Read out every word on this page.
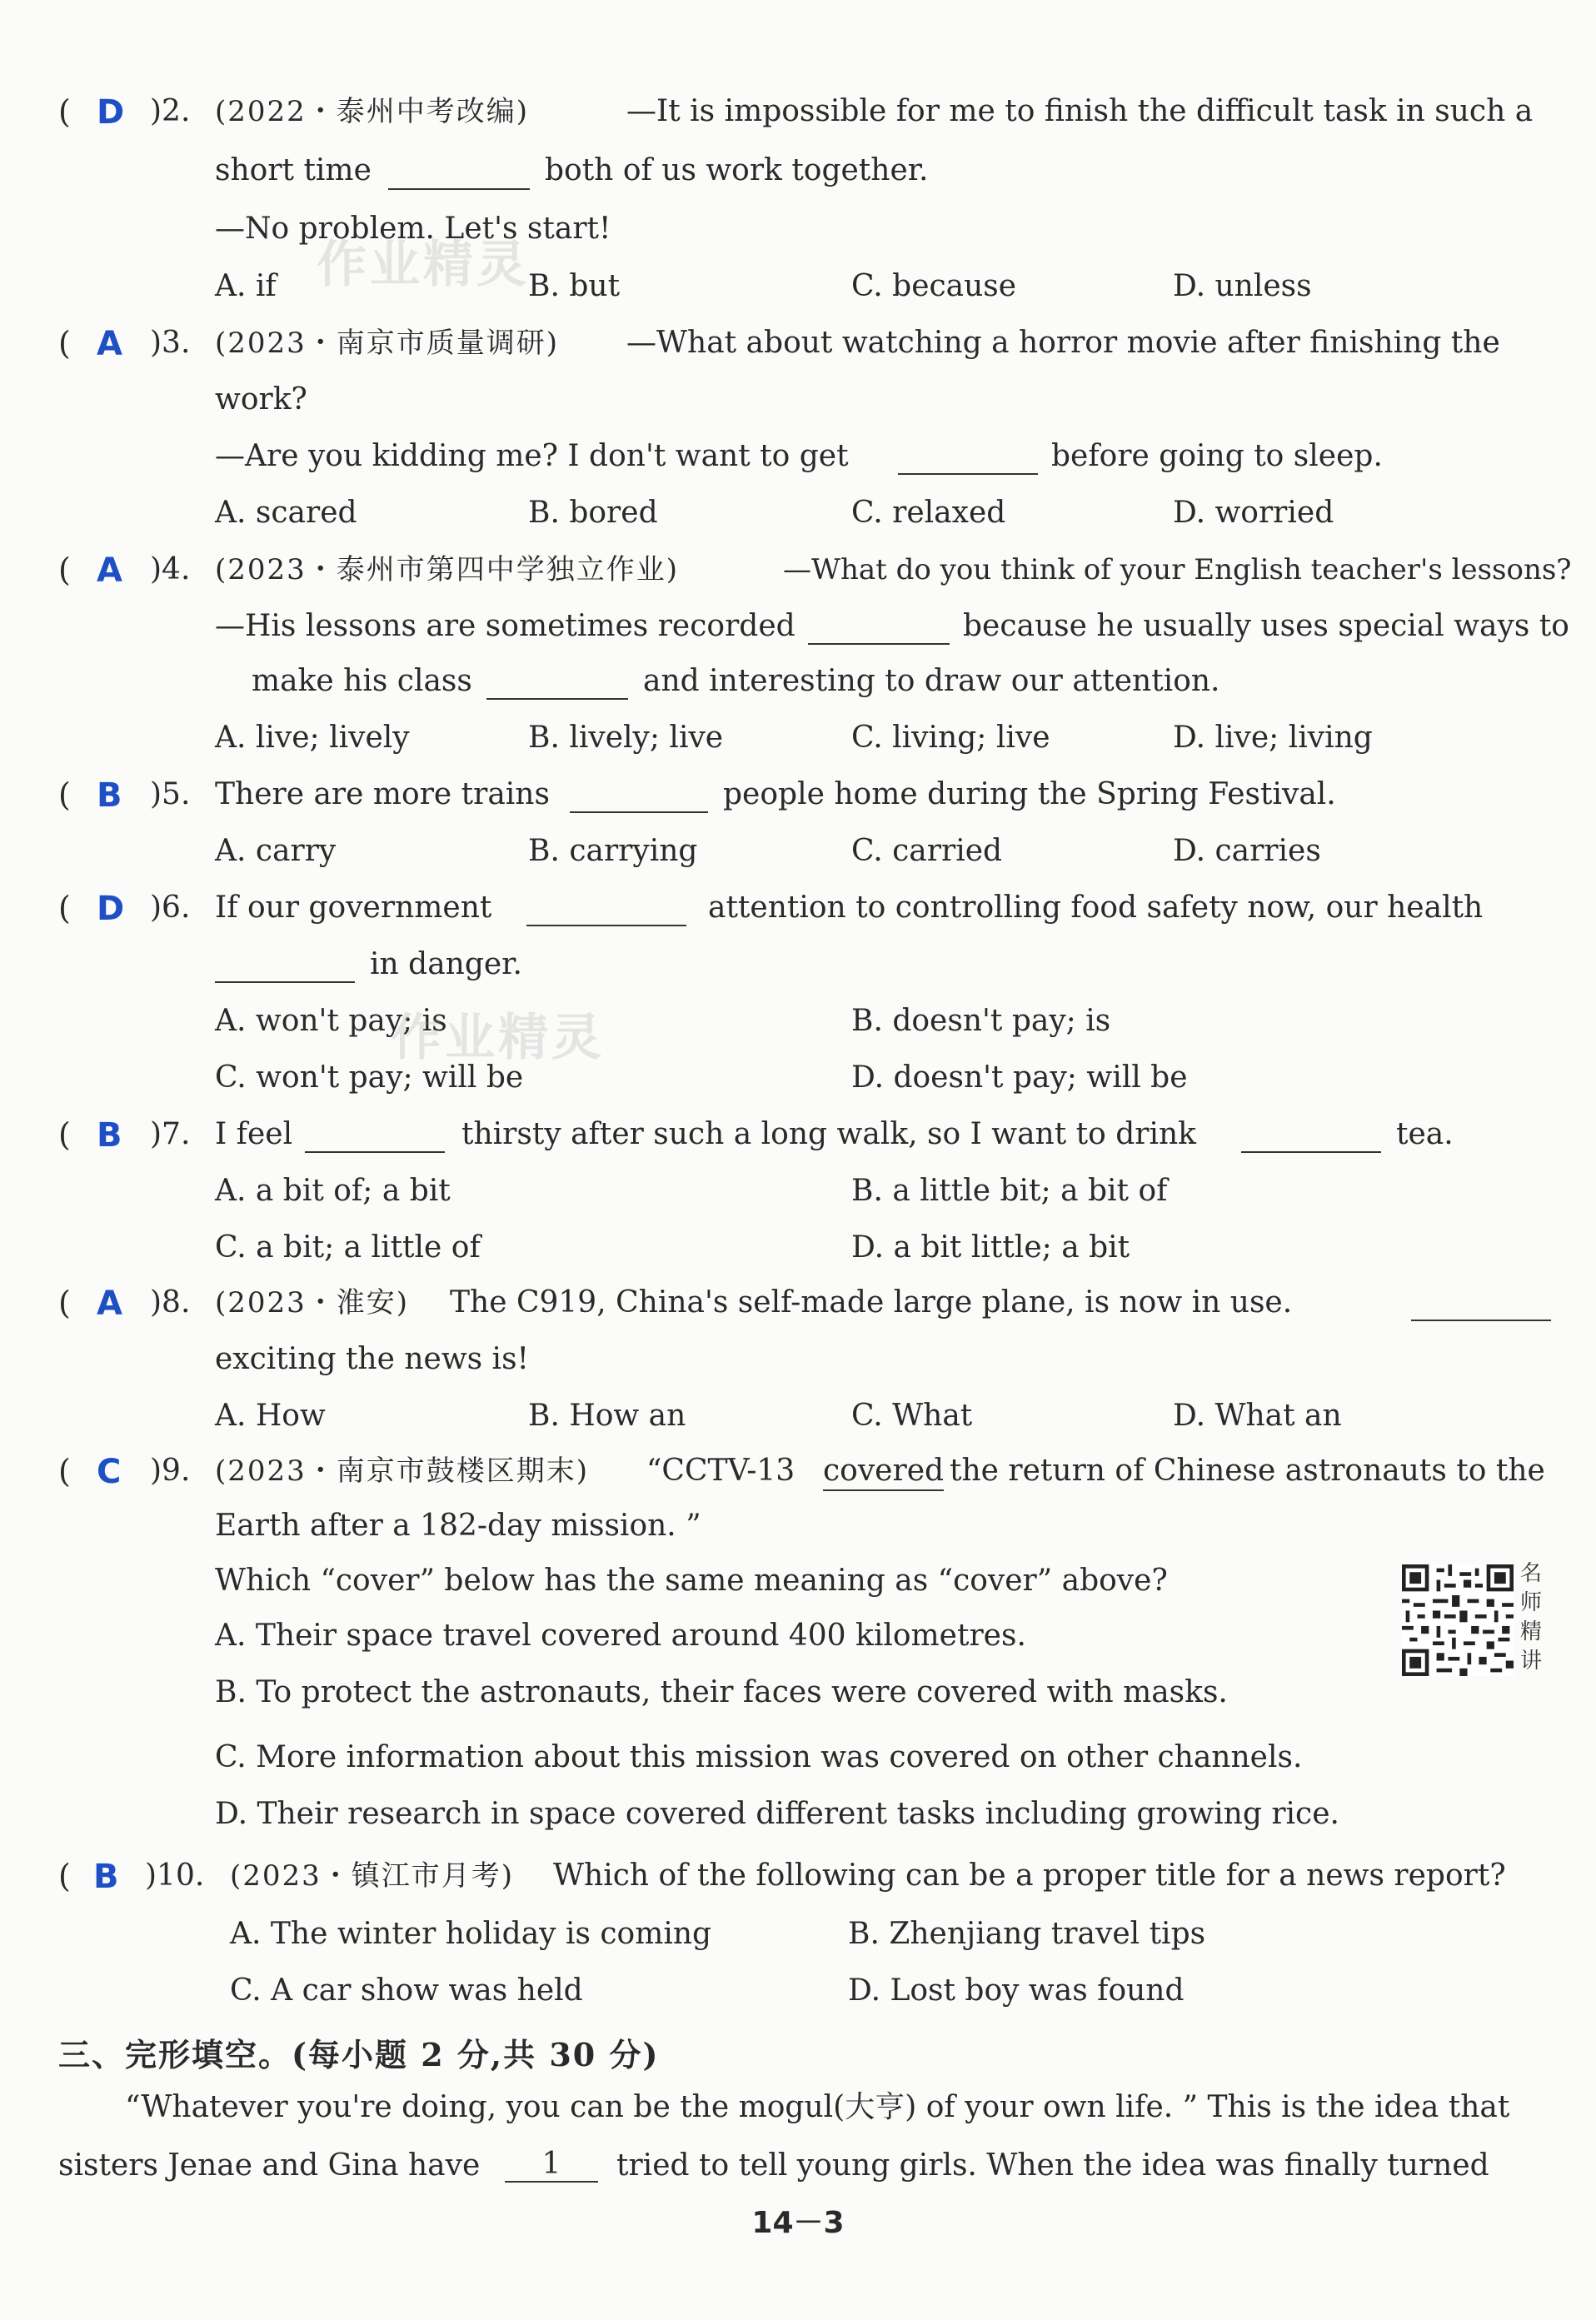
( D )2. (2022・泰州中考改编)	—It is impossible for me to finish the difficult task in such a
short time	both of us work together.
—No problem. Let's start!
A. if	B. but	C. because	D. unless
( A )3. (2023・南京市质量调研) —What about watching a horror movie after finishing the
work?
—Are you kidding me? I don't want to get	before going to sleep.
A. scared	B. bored	C. relaxed	D. worried
( A )4. (2023・泰州市第四中学独立作业)	—What do you think of your English teacher's lessons?
—His lessons are sometimes recorded	because he usually uses special ways to
make his class	and interesting to draw our attention.
A. live; lively	B. lively; live	C. living; live	D. live; living
( B )5. There are more trains	people home during the Spring Festival.
A. carry	B. carrying	C. carried	D. carries
( D )6. If our government	attention to controlling food safety now, our health
in danger.
A. won't pay; is	B. doesn't pay; is
C. won't pay; will be	D. doesn't pay; will be
( B )7. I feel	thirsty after such a long walk, so I want to drink	tea.
A. a bit of; a bit	B. a little bit; a bit of
C. a bit; a little of	D. a bit little; a bit
( A )8. (2023・淮安) The C919, China's self-made large plane, is now in use.
exciting the news is!
A. How	B. How an	C. What	D. What an
( C )9. (2023・南京市鼓楼区期末) “CCTV-13 covered the return of Chinese astronauts to the
Earth after a 182-day mission. ”
Which “cover” below has the same meaning as “cover” above?
A. Their space travel covered around 400 kilometres.
B. To protect the astronauts, their faces were covered with masks.
C. More information about this mission was covered on other channels.
D. Their research in space covered different tasks including growing rice.
名师精讲
( B )10. (2023・镇江市月考) Which of the following can be a proper title for a news report?
A. The winter holiday is coming	B. Zhenjiang travel tips
C. A car show was held	D. Lost boy was found
三、完形填空。(每小题 2 分,共 30 分)
“Whatever you're doing, you can be the mogul(大亨) of your own life. ” This is the idea that
sisters Jenae and Gina have	1	tried to tell young girls. When the idea was finally turned
作业精灵
作业精灵
14－3
